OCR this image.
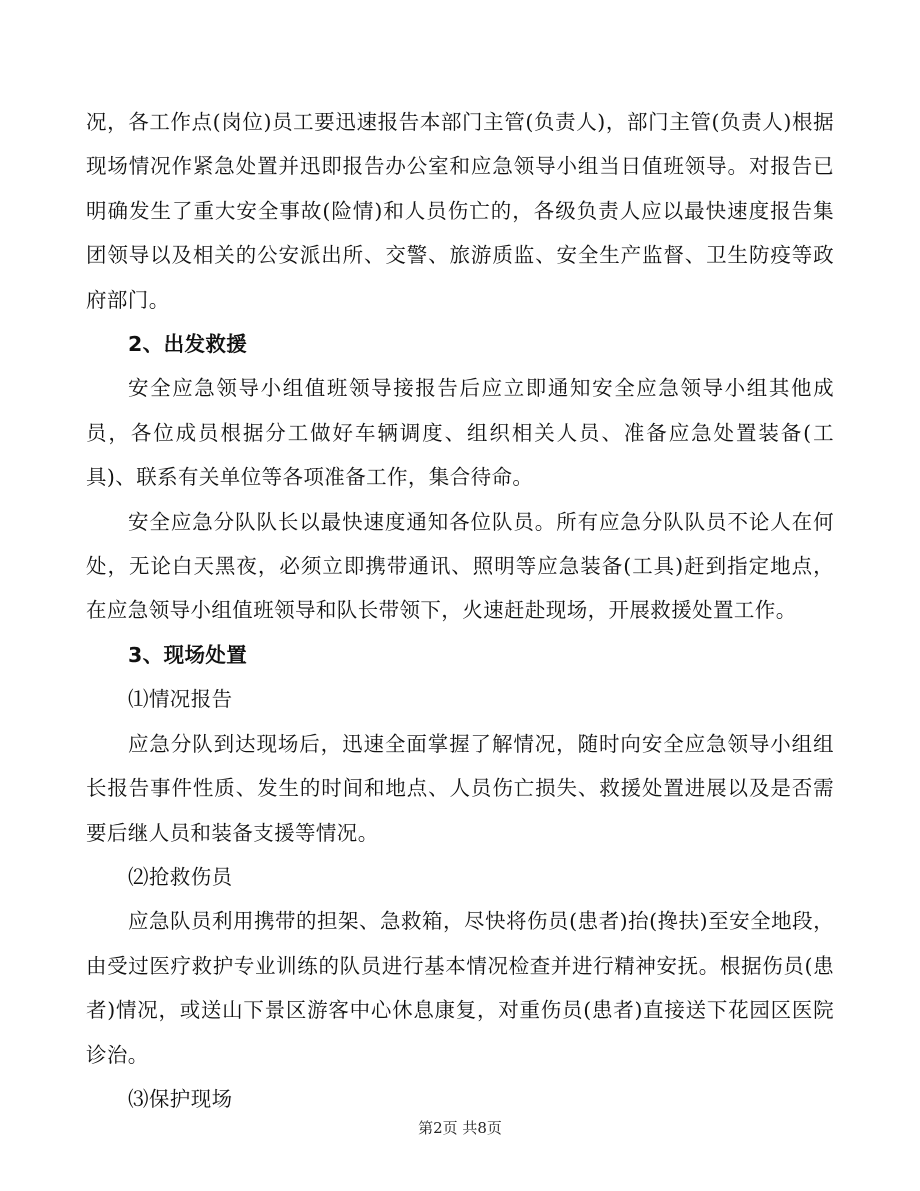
况，各工作点(岗位)员工要迅速报告本部门主管(负责人)，部门主管(负责人)根据现场情况作紧急处置并迅即报告办公室和应急领导小组当日值班领导。对报告已明确发生了重大安全事故(险情)和人员伤亡的，各级负责人应以最快速度报告集团领导以及相关的公安派出所、交警、旅游质监、安全生产监督、卫生防疫等政府部门。

2、出发救援

安全应急领导小组值班领导接报告后应立即通知安全应急领导小组其他成员，各位成员根据分工做好车辆调度、组织相关人员、准备应急处置装备(工具)、联系有关单位等各项准备工作，集合待命。

安全应急分队队长以最快速度通知各位队员。所有应急分队队员不论人在何处，无论白天黑夜，必须立即携带通讯、照明等应急装备(工具)赶到指定地点，在应急领导小组值班领导和队长带领下，火速赶赴现场，开展救援处置工作。

3、现场处置

⑴情况报告

应急分队到达现场后，迅速全面掌握了解情况，随时向安全应急领导小组组长报告事件性质、发生的时间和地点、人员伤亡损失、救援处置进展以及是否需要后继人员和装备支援等情况。

⑵抢救伤员

应急队员利用携带的担架、急救箱，尽快将伤员(患者)抬(搀扶)至安全地段，由受过医疗救护专业训练的队员进行基本情况检查并进行精神安抚。根据伤员(患者)情况，或送山下景区游客中心休息康复，对重伤员(患者)直接送下花园区医院诊治。

⑶保护现场

第2页 共8页
